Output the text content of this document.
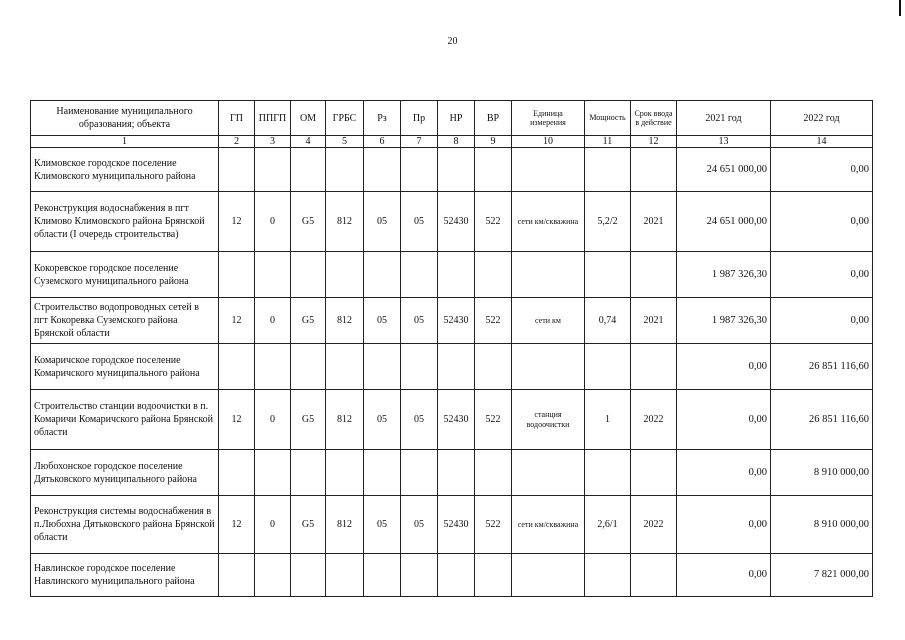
20
Наименование муниципального образования; объекта	ГП	ППГП	ОМ	ГРБС	Рз	Пр	НР	ВР	Единица измерения	Мощность	Срок ввода в действие	2021 год	2022 год
1	2	3	4	5	6	7	8	9	10	11	12	13	14
Климовское городское поселение Климовского муниципального района												24 651 000,00	0,00
Реконструкция водоснабжения в пгт Климово Климовского района Брянской области (I очередь строительства)	12	0	G5	812	05	05	52430	522	сети км/скважина	5,2/2	2021	24 651 000,00	0,00
Кокоревское городское поселение Суземского муниципального района												1 987 326,30	0,00
Строительство водопроводных сетей в пгт Кокоревка Суземского района Брянской области	12	0	G5	812	05	05	52430	522	сети км	0,74	2021	1 987 326,30	0,00
Комаричское городское поселение Комаричского муниципального района												0,00	26 851 116,60
Строительство станции водоочистки в п. Комаричи Комаричского района Брянской области	12	0	G5	812	05	05	52430	522	станция водоочистки	1	2022	0,00	26 851 116,60
Любохонское городское поселение Дятьковского муниципального района												0,00	8 910 000,00
Реконструкция системы водоснабжения в п.Любохна Дятьковского района Брянской области	12	0	G5	812	05	05	52430	522	сети км/скважина	2,6/1	2022	0,00	8 910 000,00
Навлинское городское поселение Навлинского муниципального района												0,00	7 821 000,00
